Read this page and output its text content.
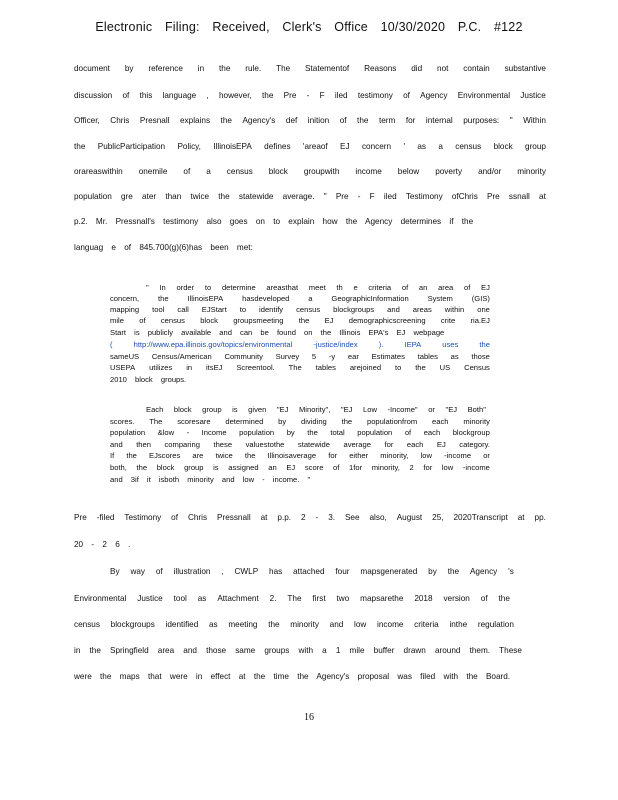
Electronic Filing: Received, Clerk's Office 10/30/2020 P.C. #122
document by reference in the rule. The Statementof Reasons did not contain substantive
discussion of this language , however, the Pre - F iled testimony of Agency Environmental Justice
Officer, Chris Presnall explains the Agency's def inition of the term for internal purposes: " Within
the PublicParticipation Policy, IllinoisEPA defines 'areaof EJ concern ' as a census block group
orareaswithin onemile of a census block groupwith income below poverty and/or minority
population gre ater than twice the statewide average. " Pre - F iled Testimony ofChris Pre ssnall at
p.2. Mr. Pressnall's testimony also goes on to explain how the Agency determines if the
languag e of 845.700(g)(6)has been met:
" In order to determine areasthat meet th e criteria of an area of EJ
concern, the IllinoisEPA hasdeveloped a GeographicInformation System (GIS)
mapping tool call EJStart to identify census blockgroups and areas within one
mile of census block groupsmeeting the EJ demographicscreening crite ria.EJ
Start is publicly available and can be found on the Illinois EPA's EJ webpage
(	http://www.epa.illinois.gov/topics/environmental	-justice/index	).	IEPA	uses	the
sameUS Census/American Community Survey 5 -y ear Estimates tables as those
USEPA utilizes in itsEJ Screentool. The tables arejoined to the US Census
2010 block groups.
Each block group is given "EJ Minority", "EJ Low -Income" or "EJ Both"
scores. The scoresare determined by dividing the populationfrom each minority
population &low - Income population by the total population of each blockgroup
and then comparing these valuestothe statewide average for each EJ category.
If the EJscores are twice the Illinoisaverage for either minority, low -income or
both, the block group is assigned an EJ score of 1for minority, 2 for low -income
and 3if it isboth minority and low - income. "
Pre -filed Testimony of Chris Pressnall at p.p. 2 - 3. See also, August 25, 2020Transcript at pp.
20 - 2 6 .
By way of illustration , CWLP has attached four mapsgenerated by the Agency 's
Environmental Justice tool as Attachment 2. The first two mapsarethe 2018 version of the
census blockgroups identified as meeting the minority and low income criteria inthe regulation
in the Springfield area and those same groups with a 1 mile buffer drawn around them. These
were the maps that were in effect at the time the Agency's proposal was filed with the Board.
16
